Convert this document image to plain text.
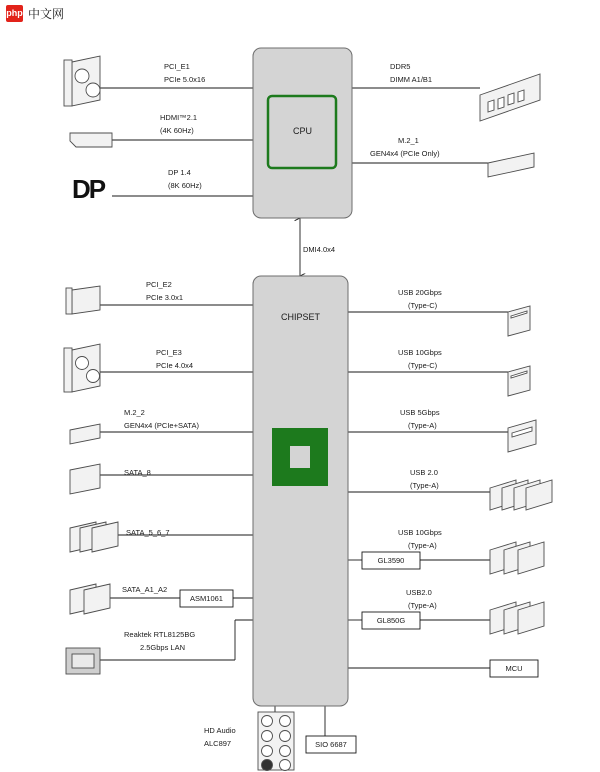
php 中文网
DP
CPU
CHIPSET
DMI4.0x4
PCI_E1
PCIe 5.0x16
HDMI™2.1
(4K 60Hz)
DP 1.4
(8K 60Hz)
PCI_E2
PCIe 3.0x1
PCI_E3
PCIe 4.0x4
M.2_2
GEN4x4 (PCIe+SATA)
SATA_8
SATA_5_6_7
SATA_A1_A2
Reaktek RTL8125BG
2.5Gbps LAN
DDR5
DIMM A1/B1
M.2_1
GEN4x4 (PCIe Only)
USB 20Gbps
(Type-C)
USB 10Gbps
(Type-C)
USB 5Gbps
(Type-A)
USB 2.0
(Type-A)
USB 10Gbps
(Type-A)
USB2.0
(Type-A)
ASM1061
GL3590
GL850G
MCU
SIO 6687
HD Audio
ALC897
